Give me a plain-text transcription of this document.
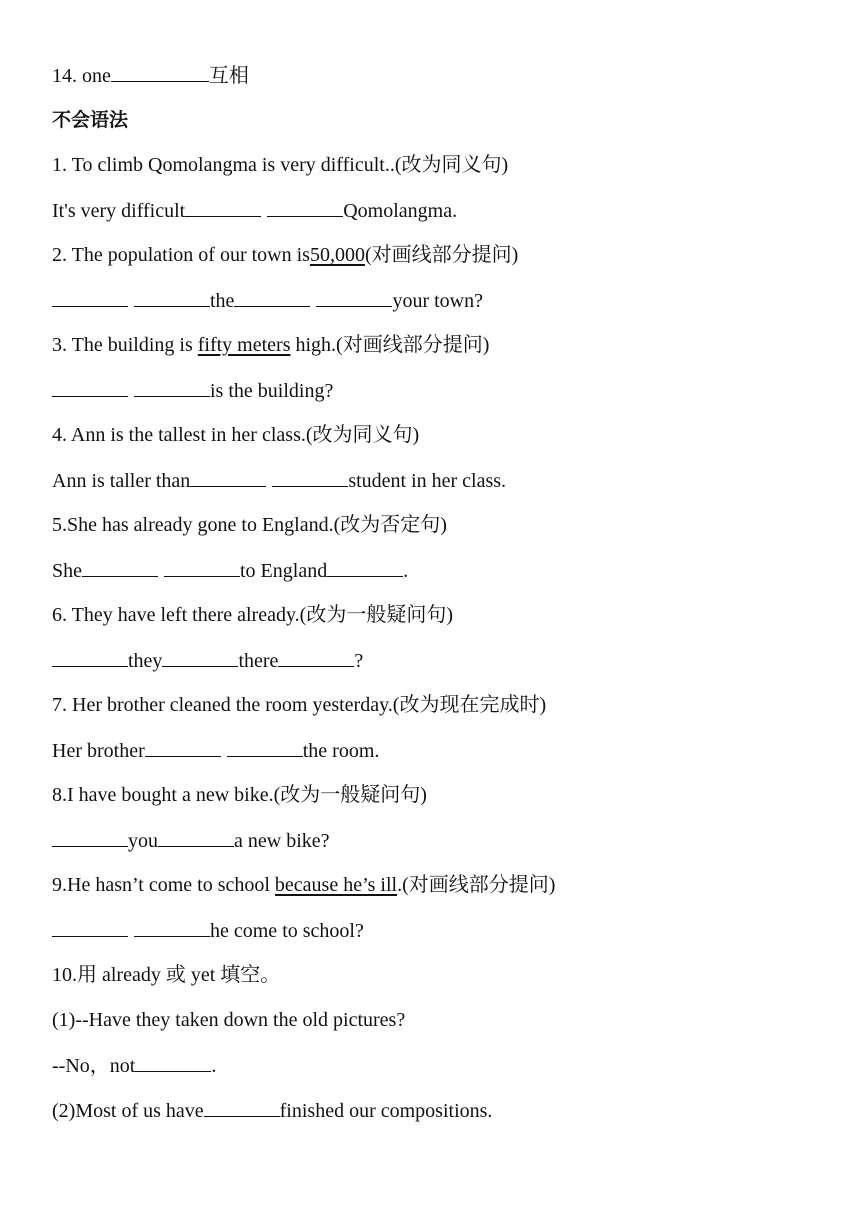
14. one	互相
不会语法
1. To climb Qomolangma is very difficult..(改为同义句)
It's very difficult	Qomolangma.
2. The population of our town is50,000(对画线部分提问)
the	your town?
3. The building is fifty meters high.(对画线部分提问)
is the building?
4. Ann is the tallest in her class.(改为同义句)
Ann is taller than	student in her class.
5.She has already gone to England.(改为否定句)
She	to England	.
6. They have left there already.(改为一般疑问句)
they	there	?
7. Her brother cleaned the room yesterday.(改为现在完成时)
Her brother	the room.
8.I have bought a new bike.(改为一般疑问句)
you	a new bike?
9.He hasn’t come to school because he’s ill.(对画线部分提问)
he come to school?
10.用 already 或 yet 填空。
(1)--Have they taken down the old pictures?
--No，not	.
(2)Most of us have	finished our compositions.
